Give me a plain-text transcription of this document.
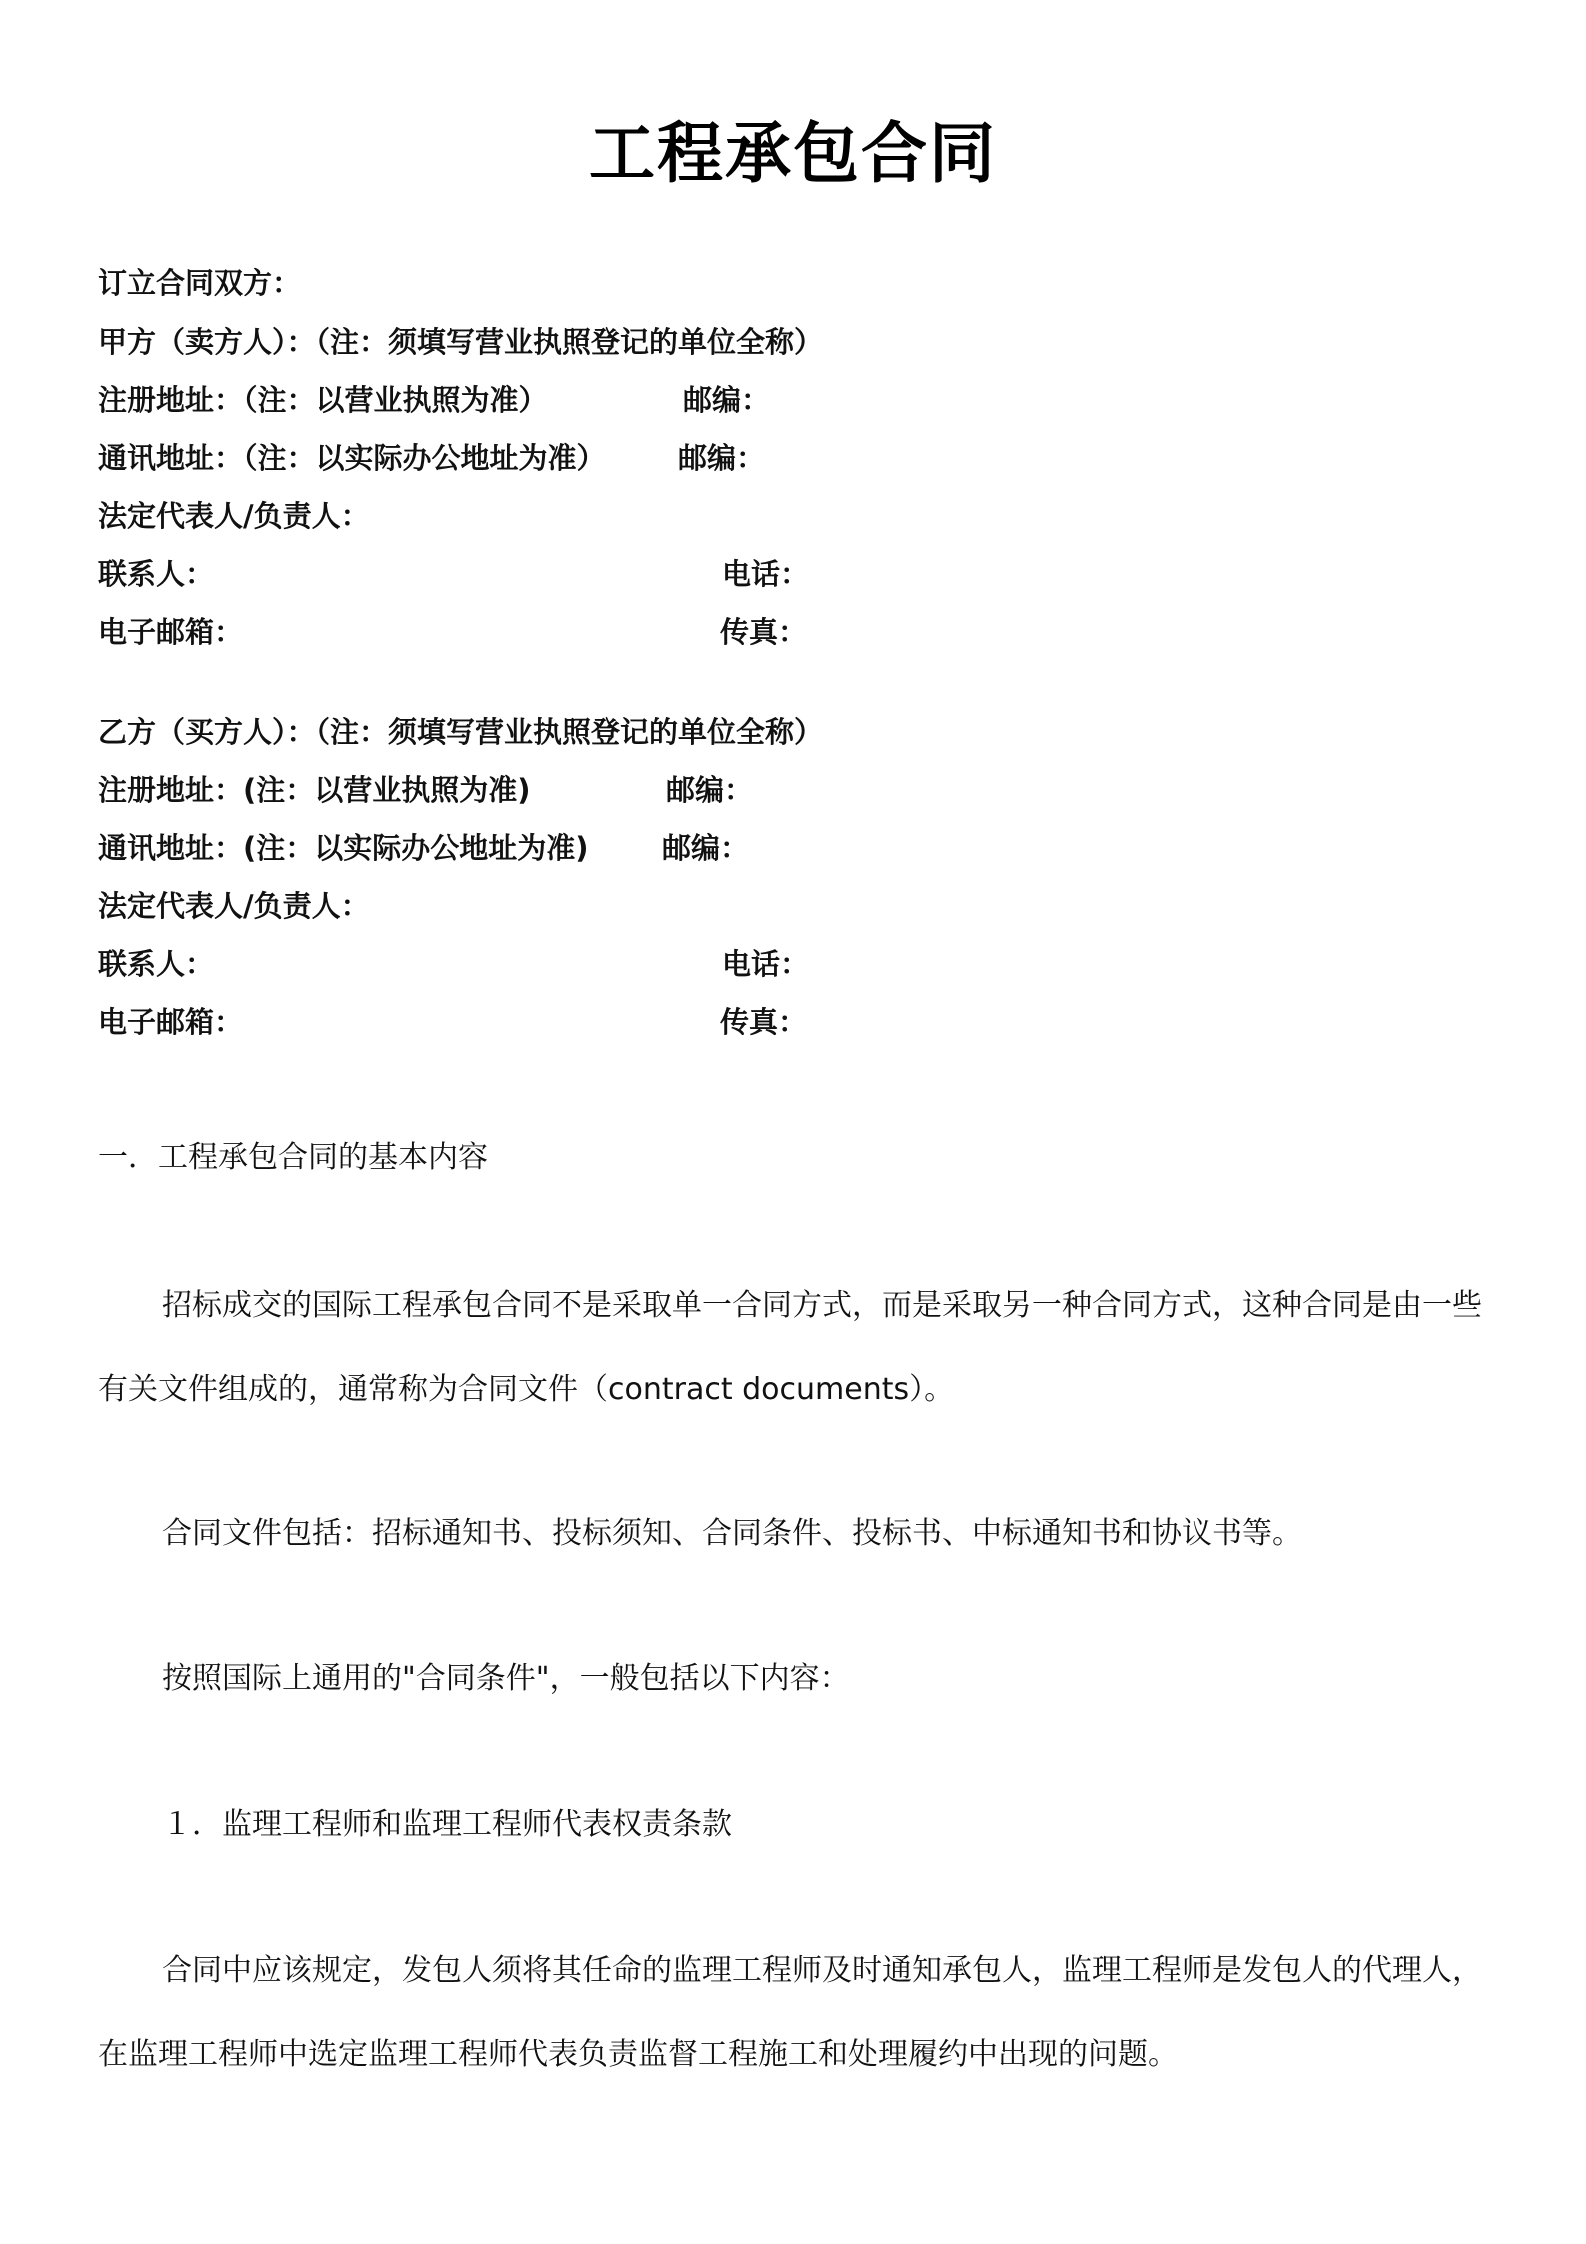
工程承包合同
订立合同双方：
甲方（卖方人）：（注：须填写营业执照登记的单位全称）
注册地址：（注：以营业执照为准）	邮编：
通讯地址：（注：以实际办公地址为准） 邮编：
法定代表人/负责人：
联系人：	电话：
电子邮箱：	传真：
乙方（买方人）：（注：须填写营业执照登记的单位全称）
注册地址：(注：以营业执照为准)	邮编：
通讯地址：(注：以实际办公地址为准)	邮编：
法定代表人/负责人：
联系人：	电话：
电子邮箱：	传真：
一．工程承包合同的基本内容
招标成交的国际工程承包合同不是采取单一合同方式，而是采取另一种合同方式，这种合同是由一些有关文件组成的，通常称为合同文件（contract documents）。
合同文件包括：招标通知书、投标须知、合同条件、投标书、中标通知书和协议书等。
按照国际上通用的"合同条件"，一般包括以下内容：
１．监理工程师和监理工程师代表权责条款
合同中应该规定，发包人须将其任命的监理工程师及时通知承包人，监理工程师是发包人的代理人，在监理工程师中选定监理工程师代表负责监督工程施工和处理履约中出现的问题。
